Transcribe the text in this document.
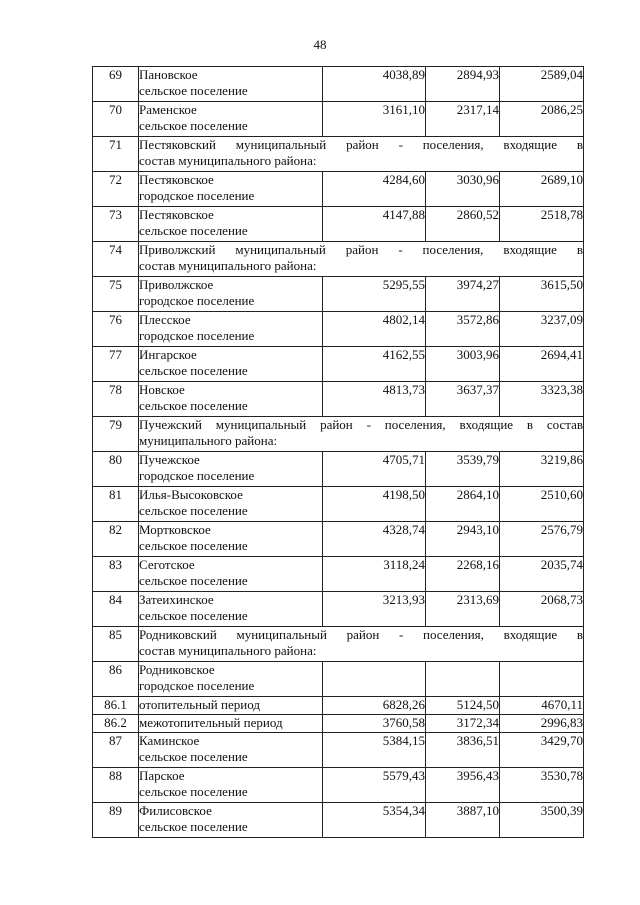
48
69	Пановское
сельское поселение	4038,89	2894,93	2589,04
70	Раменское
сельское поселение	3161,10	2317,14	2086,25
71	Пестяковский муниципальный район - поселения, входящие в
состав муниципального района:			

72	Пестяковское
городское поселение	4284,60	3030,96	2689,10
73	Пестяковское
сельское поселение	4147,88	2860,52	2518,78
74	Приволжский муниципальный район - поселения, входящие в
состав муниципального района:			

75	Приволжское
городское поселение	5295,55	3974,27	3615,50
76	Плесское
городское поселение	4802,14	3572,86	3237,09
77	Ингарское
сельское поселение	4162,55	3003,96	2694,41
78	Новское
сельское поселение	4813,73	3637,37	3323,38
79	Пучежский муниципальный район - поселения, входящие в состав
муниципального района:			

80	Пучежское
городское поселение	4705,71	3539,79	3219,86
81	Илья-Высоковское
сельское поселение	4198,50	2864,10	2510,60
82	Мортковское
сельское поселение	4328,74	2943,10	2576,79
83	Сеготское
сельское поселение	3118,24	2268,16	2035,74
84	Затеихинское
сельское поселение	3213,93	2313,69	2068,73
85	Родниковский муниципальный район - поселения, входящие в
состав муниципального района:			

86	Родниковское
городское поселение			

86.1	отопительный период	6828,26	5124,50	4670,11
86.2	межотопительный период	3760,58	3172,34	2996,83
87	Каминское
сельское поселение	5384,15	3836,51	3429,70
88	Парское
сельское поселение	5579,43	3956,43	3530,78
89	Филисовское
сельское поселение	5354,34	3887,10	3500,39
